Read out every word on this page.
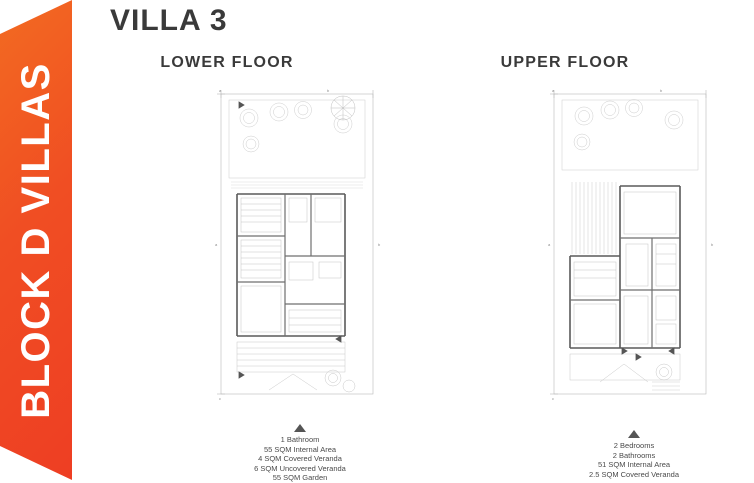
BLOCK D VILLAS
VILLA 3
LOWER FLOOR	UPPER FLOOR
a	b
a	b
c
a	b
a	b
c
1 Bathroom
55 SQM Internal Area
4 SQM Covered Veranda
6 SQM Uncovered Veranda
55 SQM Garden
2 Bedrooms
2 Bathrooms
51 SQM Internal Area
2.5 SQM Covered Veranda
